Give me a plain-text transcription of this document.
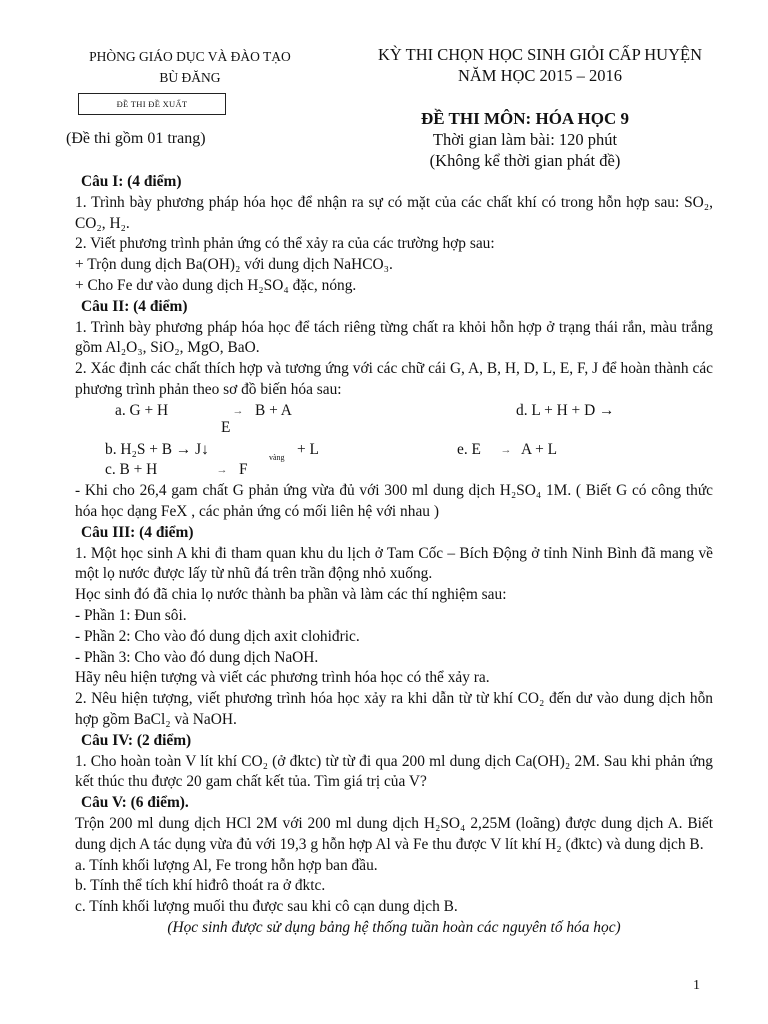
PHÒNG GIÁO DỤC VÀ ĐÀO TẠO
BÙ ĐĂNG
ĐỀ THI ĐỀ XUẤT
(Đề thi gồm 01 trang)
KỲ THI CHỌN HỌC SINH GIỎI CẤP HUYỆN
NĂM HỌC 2015 – 2016
ĐỀ THI MÔN: HÓA HỌC 9
Thời gian làm bài: 120 phút
(Không kể thời gian phát đề)

Câu I: (4 điểm)

1. Trình bày phương pháp hóa học để nhận ra sự có mặt của các chất khí có trong hỗn hợp sau: SO₂, CO₂, H₂.

2. Viết phương trình phản ứng có thể xảy ra của các trường hợp sau:

+ Trộn dung dịch Ba(OH)₂ với dung dịch NaHCO₃.

+ Cho Fe dư vào dung dịch H₂SO₄ đặc, nóng.

Câu II: (4 điểm)

1. Trình bày phương pháp hóa học để tách riêng từng chất ra khỏi hỗn hợp ở trạng thái rắn, màu trắng gồm Al₂O₃, SiO₂, MgO, BaO.

2. Xác định các chất thích hợp và tương ứng với các chữ cái G, A, B, H, D, L, E, F, J để hoàn thành các phương trình phản theo sơ đồ biến hóa sau:

a. G + H	→ B + A	d. L + H + D →
E
b. H₂S + B → J↓	vàng + L	e. E	→ A + L
c. B + H	→ F

- Khi cho 26,4 gam chất G phản ứng vừa đủ với 300 ml dung dịch H₂SO₄ 1M. ( Biết G có công thức hóa học dạng FeX , các phản ứng có mối liên hệ với nhau )

Câu III: (4 điểm)

1. Một học sinh A khi đi tham quan khu du lịch ở Tam Cốc – Bích Động ở tỉnh Ninh Bình đã mang về một lọ nước được lấy từ nhũ đá trên trần động nhỏ xuống.

Học sinh đó đã chia lọ nước thành ba phần và làm các thí nghiệm sau:

- Phần 1: Đun sôi.

- Phần 2: Cho vào đó dung dịch axit clohiđric.

- Phần 3: Cho vào đó dung dịch NaOH.

Hãy nêu hiện tượng và viết các phương trình hóa học có thể xảy ra.

2. Nêu hiện tượng, viết phương trình hóa học xảy ra khi dẫn từ từ khí CO₂ đến dư vào dung dịch hỗn hợp gồm BaCl₂ và NaOH.

Câu IV: (2 điểm)

1. Cho hoàn toàn V lít khí CO₂ (ở đktc) từ từ đi qua 200 ml dung dịch Ca(OH)₂ 2M. Sau khi phản ứng kết thúc thu được 20 gam chất kết tủa. Tìm giá trị của V?

Câu V: (6 điểm).

Trộn 200 ml dung dịch HCl 2M với 200 ml dung dịch H₂SO₄ 2,25M (loãng) được dung dịch A. Biết dung dịch A tác dụng vừa đủ với 19,3 g hỗn hợp Al và Fe thu được V lít khí H₂ (đktc) và dung dịch B.

a. Tính khối lượng Al, Fe trong hỗn hợp ban đầu.

b. Tính thể tích khí hiđrô thoát ra ở đktc.

c. Tính khối lượng muối thu được sau khi cô cạn dung dịch B.

(Học sinh được sử dụng bảng hệ thống tuần hoàn các nguyên tố hóa học)

1
